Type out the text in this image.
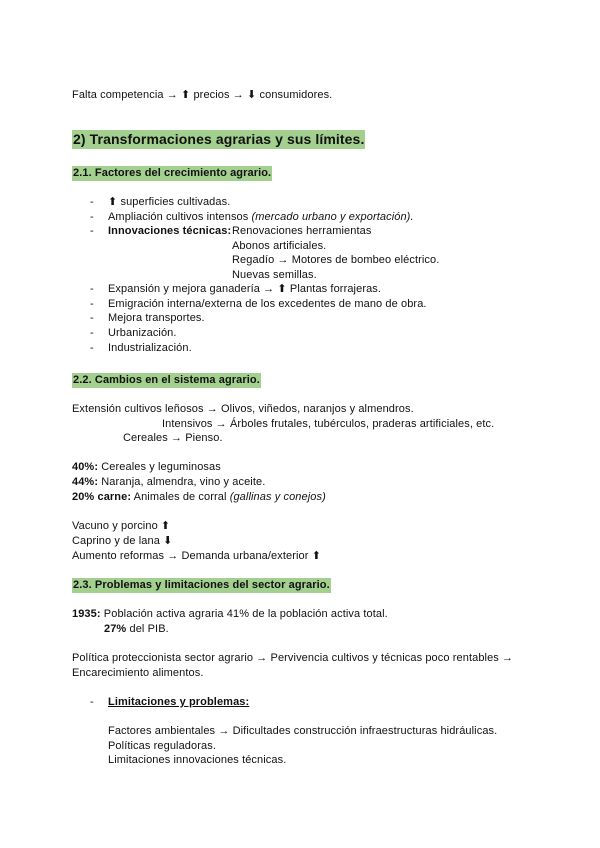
Falta competencia → ⬆ precios → ⬇ consumidores.
2) Transformaciones agrarias y sus límites.
2.1. Factores del crecimiento agrario.
- ⬆ superficies cultivadas.
- Ampliación cultivos intensos (mercado urbano y exportación).
- Innovaciones técnicas: Renovaciones herramientas
Abonos artificiales.
Regadío → Motores de bombeo eléctrico.
Nuevas semillas.
- Expansión y mejora ganadería → ⬆ Plantas forrajeras.
- Emigración interna/externa de los excedentes de mano de obra.
- Mejora transportes.
- Urbanización.
- Industrialización.
2.2. Cambios en el sistema agrario.
Extensión cultivos leñosos → Olivos, viñedos, naranjos y almendros.
Intensivos → Árboles frutales, tubérculos, praderas artificiales, etc.
Cereales → Pienso.
40%: Cereales y leguminosas
44%: Naranja, almendra, vino y aceite.
20% carne: Animales de corral (gallinas y conejos)
Vacuno y porcino ⬆
Caprino y de lana ⬇
Aumento reformas → Demanda urbana/exterior ⬆
2.3. Problemas y limitaciones del sector agrario.
1935: Población activa agraria 41% de la población activa total.
27% del PIB.
Política proteccionista sector agrario → Pervivencia cultivos y técnicas poco rentables →
Encarecimiento alimentos.
- Limitaciones y problemas:
Factores ambientales → Dificultades construcción infraestructuras hidráulicas.
Políticas reguladoras.
Limitaciones innovaciones técnicas.
